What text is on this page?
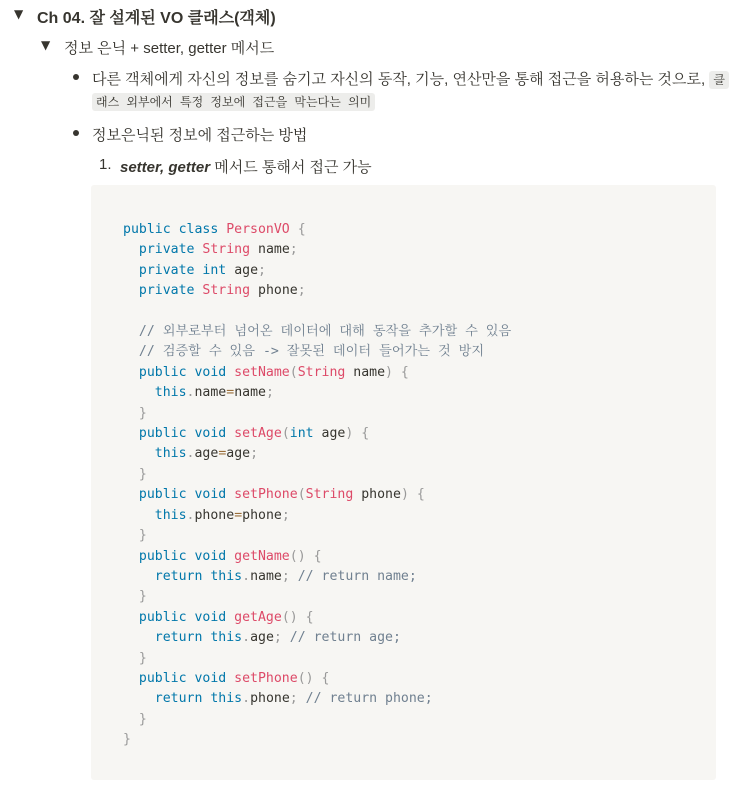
▼ Ch 04. 잘 설계된 VO 클래스(객체)
▼ 정보 은닉 + setter, getter 메서드
다른 객체에게 자신의 정보를 숨기고 자신의 동작, 기능, 연산만을 통해 접근을 허용하는 것으로, 클
래스 외부에서 특정 정보에 접근을 막는다는 의미
정보은닉된 정보에 접근하는 방법
1. setter, getter 메서드 통해서 접근 가능
public class PersonVO {
private String name;
private int age;
private String phone;

// 외부로부터 넘어온 데이터에 대해 동작을 추가할 수 있음
// 검증할 수 있음 -> 잘못된 데이터 들어가는 것 방지
public void setName(String name) {
this.name=name;
}
public void setAge(int age) {
this.age=age;
}
public void setPhone(String phone) {
this.phone=phone;
}
public void getName() {
return this.name; // return name;
}
public void getAge() {
return this.age; // return age;
}
public void setPhone() {
return this.phone; // return phone;
}
}
